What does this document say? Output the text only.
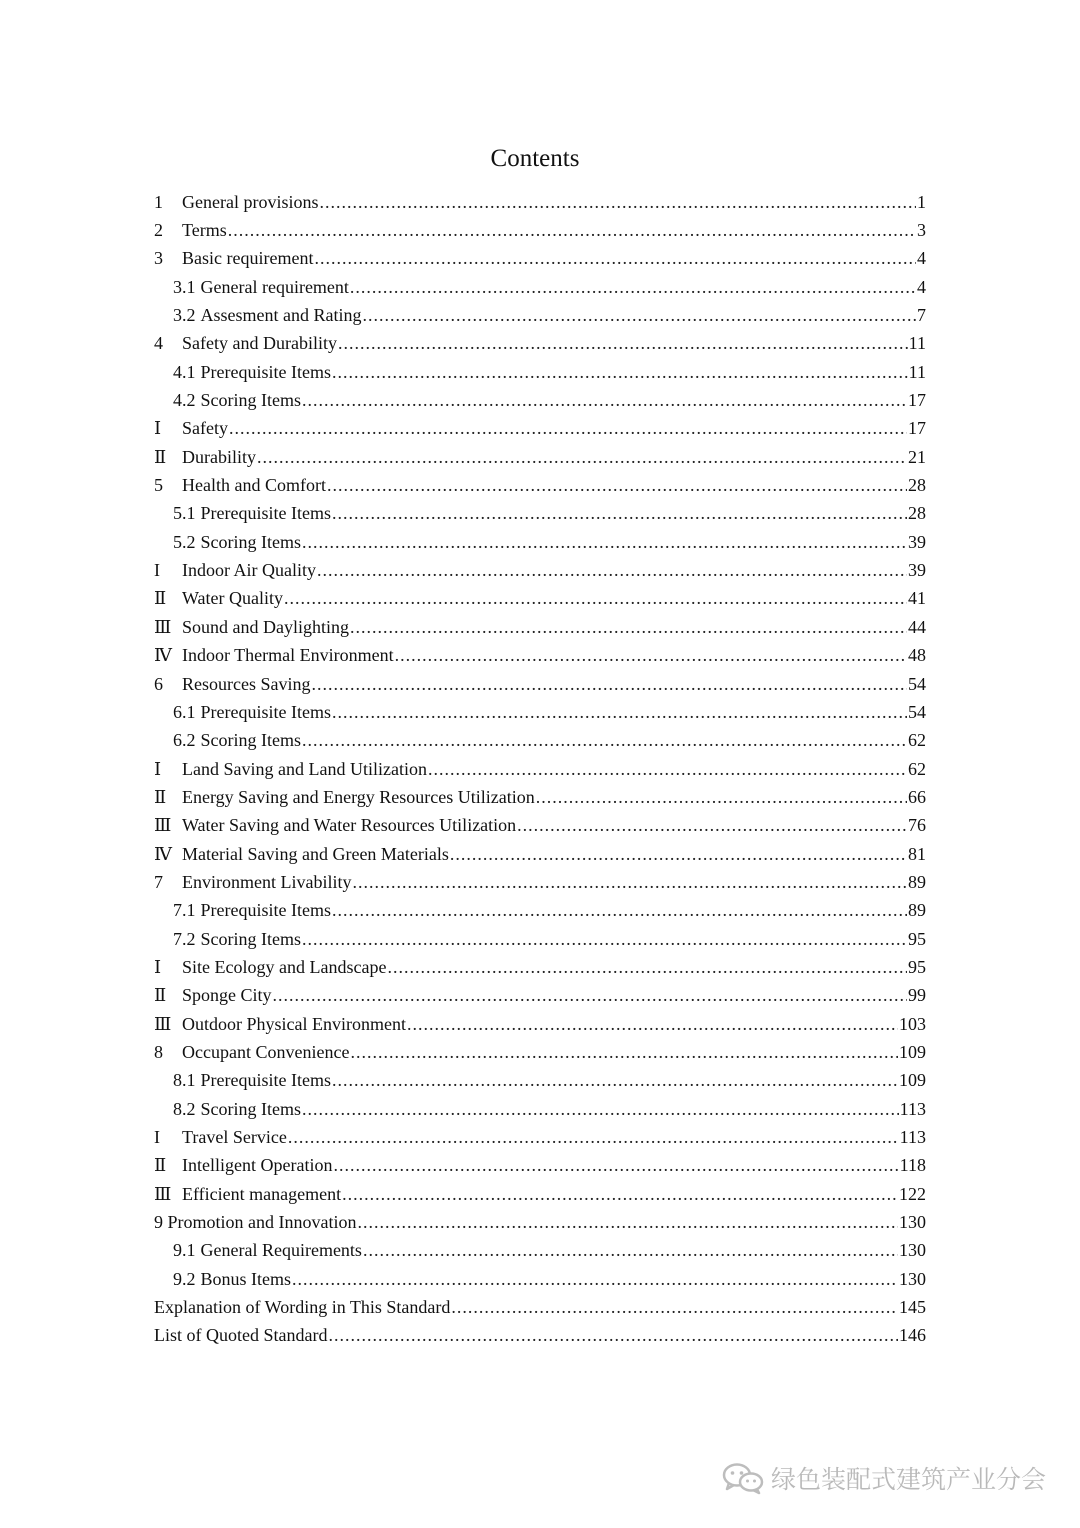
Contents
1	General provisions .....	1
2	Terms .....	3
3	Basic requirement .....	4
3.1 General requirement .....	4
3.2 Assesment and Rating .....	7
4	Safety and Durability .....	11
4.1 Prerequisite Items .....	11
4.2 Scoring Items .....	17
Ⅰ	Safety .....	17
Ⅱ Durability .....	21
5	Health and Comfort .....	28
5.1 Prerequisite Items .....	28
5.2 Scoring Items .....	39
I	Indoor Air Quality .....	39
Ⅱ Water Quality .....	41
Ⅲ Sound and Daylighting .....	44
Ⅳ Indoor Thermal Environment .....	48
6	Resources Saving .....	54
6.1 Prerequisite Items .....	54
6.2 Scoring Items .....	62
Ⅰ	Land Saving and Land Utilization .....	62
Ⅱ Energy Saving and Energy Resources Utilization .....	66
Ⅲ Water Saving and Water Resources Utilization .....	76
Ⅳ Material Saving and Green Materials .....	81
7	Environment Livability .....	89
7.1 Prerequisite Items .....	89
7.2 Scoring Items .....	95
Ⅰ	Site Ecology and Landscape .....	95
Ⅱ Sponge City .....	99
Ⅲ Outdoor Physical Environment .....	103
8	Occupant Convenience .....	109
8.1 Prerequisite Items .....	109
8.2 Scoring Items .....	113
I	Travel Service .....	113
Ⅱ Intelligent Operation .....	118
Ⅲ Efficient management .....	122
9 Promotion and Innovation .....	130
9.1 General Requirements .....	130
9.2 Bonus Items .....	130
Explanation of Wording in This Standard .....	145
List of Quoted Standard .....	146
绿色装配式建筑产业分会
